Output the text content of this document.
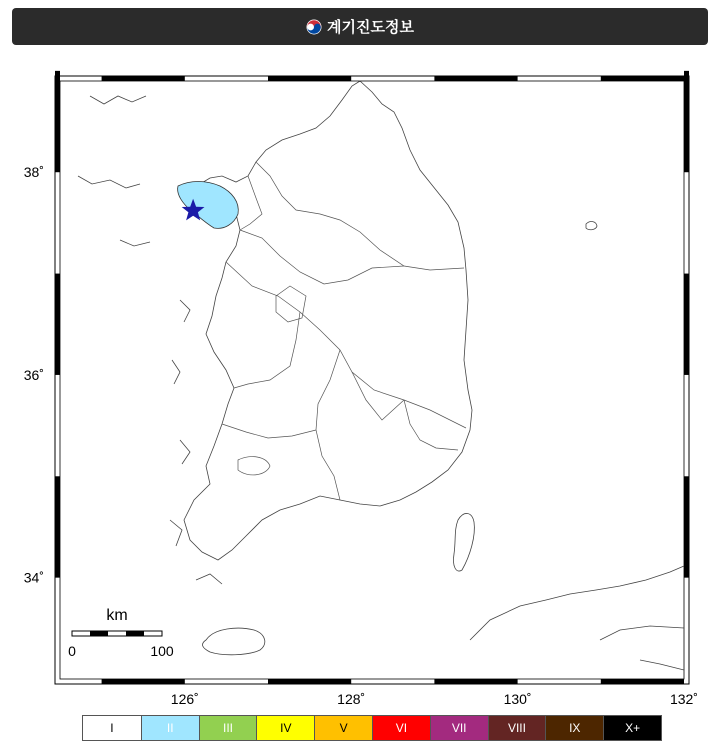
계기진도정보
38˚
36˚
34˚
126˚	128˚	130˚	132˚
km
0	100
I	II	III	IV	V	VI	VII	VIII	IX	X+
